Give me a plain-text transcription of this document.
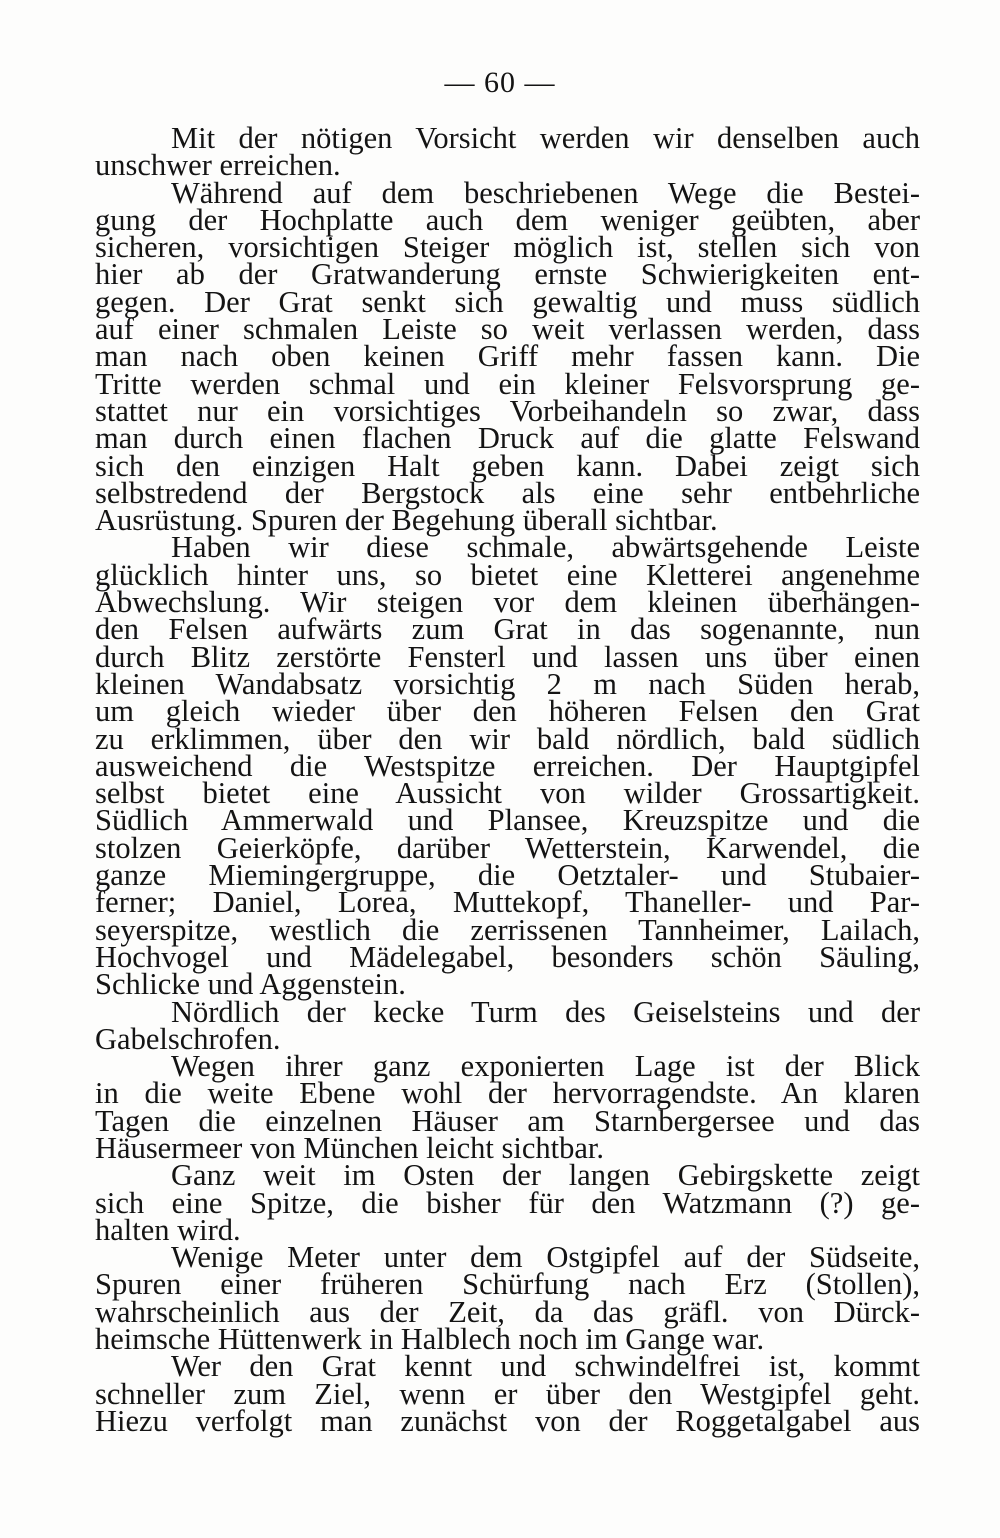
— 60 —
Mit der nötigen Vorsicht werden wir denselben auch
unschwer erreichen.
Während auf dem beschriebenen Wege die Bestei-
gung der Hochplatte auch dem weniger geübten, aber
sicheren, vorsichtigen Steiger möglich ist, stellen sich von
hier ab der Gratwanderung ernste Schwierigkeiten ent-
gegen. Der Grat senkt sich gewaltig und muss südlich
auf einer schmalen Leiste so weit verlassen werden, dass
man nach oben keinen Griff mehr fassen kann. Die
Tritte werden schmal und ein kleiner Felsvorsprung ge-
stattet nur ein vorsichtiges Vorbeihandeln so zwar, dass
man durch einen flachen Druck auf die glatte Felswand
sich den einzigen Halt geben kann. Dabei zeigt sich
selbstredend der Bergstock als eine sehr entbehrliche
Ausrüstung. Spuren der Begehung überall sichtbar.
Haben wir diese schmale, abwärtsgehende Leiste
glücklich hinter uns, so bietet eine Kletterei angenehme
Abwechslung. Wir steigen vor dem kleinen überhängen-
den Felsen aufwärts zum Grat in das sogenannte, nun
durch Blitz zerstörte Fensterl und lassen uns über einen
kleinen Wandabsatz vorsichtig 2 m nach Süden herab,
um gleich wieder über den höheren Felsen den Grat
zu erklimmen, über den wir bald nördlich, bald südlich
ausweichend die Westspitze erreichen. Der Hauptgipfel
selbst bietet eine Aussicht von wilder Grossartigkeit.
Südlich Ammerwald und Plansee, Kreuzspitze und die
stolzen Geierköpfe, darüber Wetterstein, Karwendel, die
ganze Miemingergruppe, die Oetztaler- und Stubaier-
ferner; Daniel, Lorea, Muttekopf, Thaneller- und Par-
seyerspitze, westlich die zerrissenen Tannheimer, Lailach,
Hochvogel und Mädelegabel, besonders schön Säuling,
Schlicke und Aggenstein.
Nördlich der kecke Turm des Geiselsteins und der
Gabelschrofen.
Wegen ihrer ganz exponierten Lage ist der Blick
in die weite Ebene wohl der hervorragendste. An klaren
Tagen die einzelnen Häuser am Starnbergersee und das
Häusermeer von München leicht sichtbar.
Ganz weit im Osten der langen Gebirgskette zeigt
sich eine Spitze, die bisher für den Watzmann (?) ge-
halten wird.
Wenige Meter unter dem Ostgipfel auf der Südseite,
Spuren einer früheren Schürfung nach Erz (Stollen),
wahrscheinlich aus der Zeit, da das gräfl. von Dürck-
heimsche Hüttenwerk in Halblech noch im Gange war.
Wer den Grat kennt und schwindelfrei ist, kommt
schneller zum Ziel, wenn er über den Westgipfel geht.
Hiezu verfolgt man zunächst von der Roggetalgabel aus
